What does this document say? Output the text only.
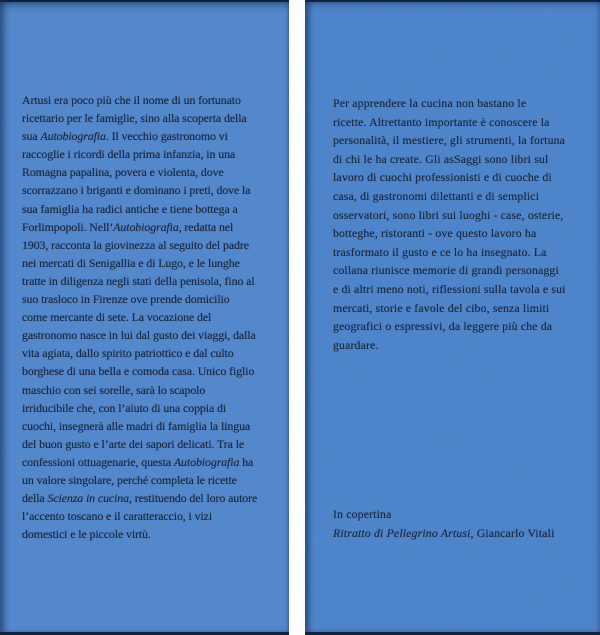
Artusi era poco più che il nome di un fortunato
ricettario per le famiglie, sino alla scoperta della
sua Autobiografia. Il vecchio gastronomo vi
raccoglie i ricordi della prima infanzia, in una
Romagna papalina, povera e violenta, dove
scorrazzano i briganti e dominano i preti, dove la
sua famiglia ha radici antiche e tiene bottega a
Forlimpopoli. Nell’Autobiografia, redatta nel
1903, racconta la giovinezza al seguito del padre
nei mercati di Senigallia e di Lugo, e le lunghe
tratte in diligenza negli stati della penisola, fino al
suo trasloco in Firenze ove prende domicilio
come mercante di sete. La vocazione del
gastronomo nasce in lui dal gusto dei viaggi, dalla
vita agiata, dallo spirito patriottico e dal culto
borghese di una bella e comoda casa. Unico figlio
maschio con sei sorelle, sarà lo scapolo
irriducibile che, con l’aiuto di una coppia di
cuochi, insegnerà alle madri di famiglia la lingua
del buon gusto e l’arte dei sapori delicati. Tra le
confessioni ottuagenarie, questa Autobiografia ha
un valore singolare, perché completa le ricette
della Scienza in cucina, restituendo del loro autore
l’accento toscano e il caratteraccio, i vizi
domestici e le piccole virtù.
Per apprendere la cucina non bastano le
ricette. Altrettanto importante è conoscere la
personalità, il mestiere, gli strumenti, la fortuna
di chi le ha create. Gli asSaggi sono libri sul
lavoro di cuochi professionisti e di cuoche di
casa, di gastronomi dilettanti e di semplici
osservatori, sono libri sui luoghi - case, osterie,
botteghe, ristoranti - ove questo lavoro ha
trasformato il gusto e ce lo ha insegnato. La
collana riunisce memorie di grandi personaggi
e di altri meno noti, riflessioni sulla tavola e sui
mercati, storie e favole del cibo, senza limiti
geografici o espressivi, da leggere più che da
guardare.
In copertina
Ritratto di Pellegrino Artusi, Giancarlo Vitali
